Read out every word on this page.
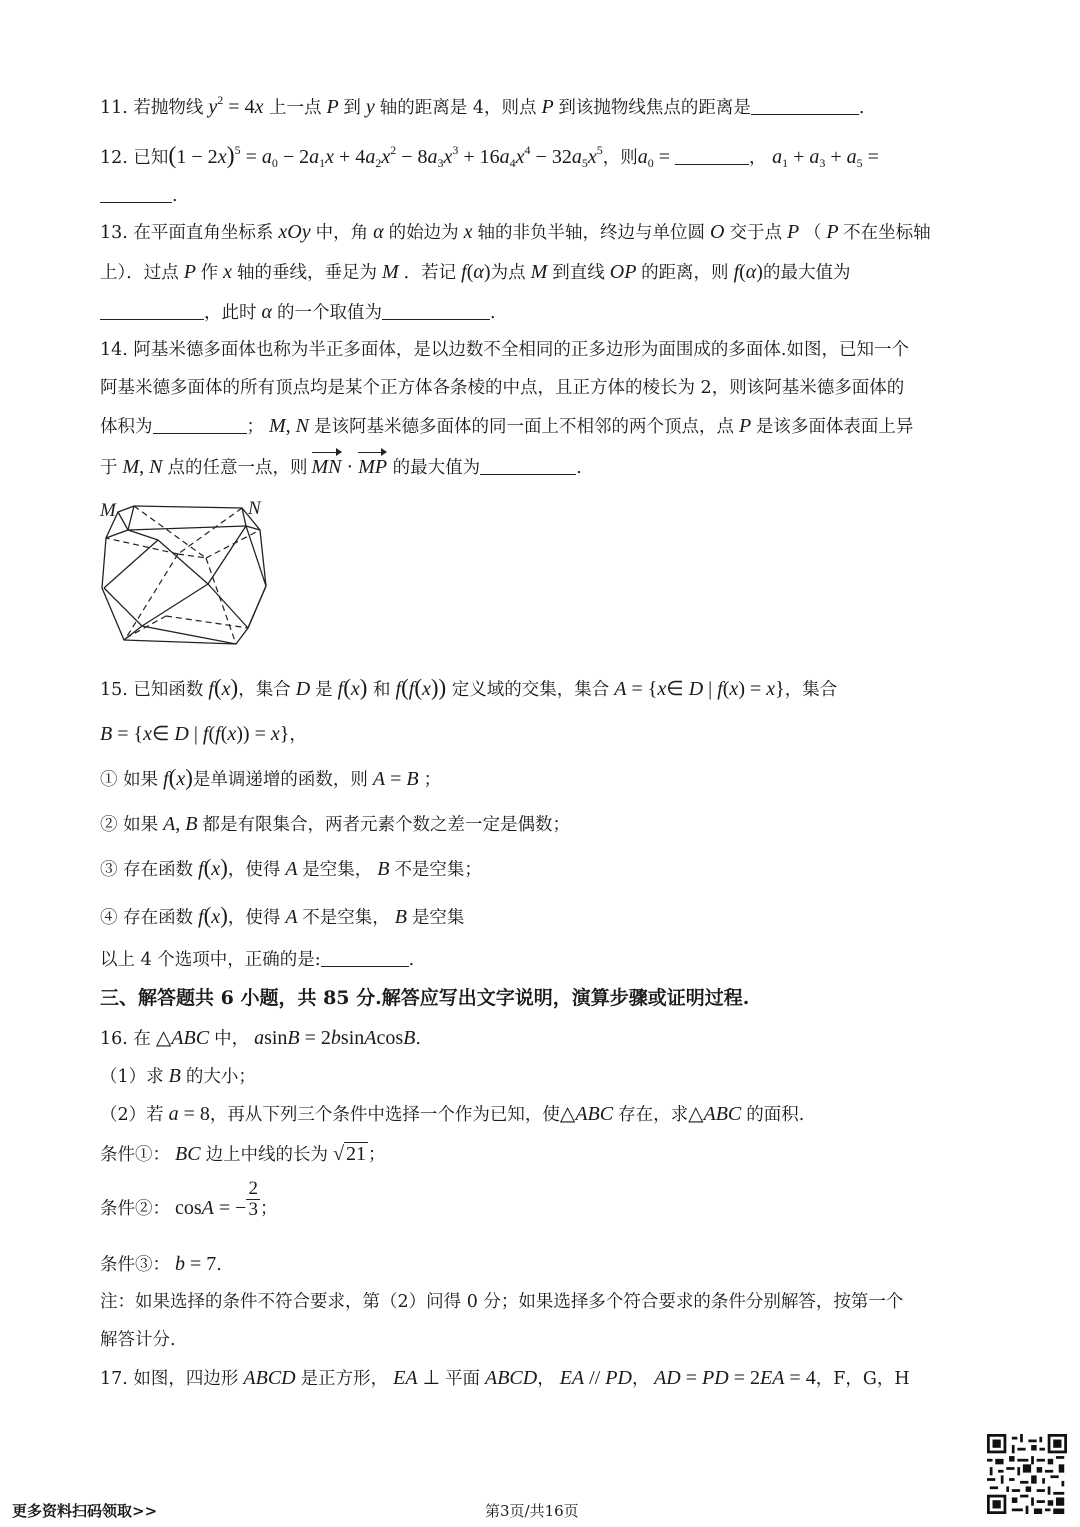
11. 若抛物线 $y^2 = 4x$ 上一点 P 到 y 轴的距离是 4，则点 P 到该抛物线焦点的距离是	.
12. 已知$(1 - 2x)^5 = a_0 - 2a_1x + 4a_2x^2 - 8a_3x^3 + 16a_4x^4 - 32a_5x^5$，则$a_0$ =	， $a_1 + a_3 + a_5$ =
.
13. 在平面直角坐标系 xOy 中，角 α 的始边为 x 轴的非负半轴，终边与单位圆 O 交于点 P （ P 不在坐标轴
上）．过点 P 作 x 轴的垂线，垂足为 M ．若记 f(α)为点 M 到直线 OP 的距离，则 f(α)的最大值为
，此时 α 的一个取值为	.
14. 阿基米德多面体也称为半正多面体，是以边数不全相同的正多边形为面围成的多面体.如图，已知一个
阿基米德多面体的所有顶点均是某个正方体各条棱的中点，且正方体的棱长为 2，则该阿基米德多面体的
体积为	； M, N 是该阿基米德多面体的同一面上不相邻的两个顶点，点 P 是该多面体表面上异
于 M, N 点的任意一点，则 MN · MP 的最大值为	.
M	N
15. 已知函数 f(x)，集合 D 是 f(x) 和 f(f(x)) 定义域的交集，集合 A = {x∈ D | f(x) = x}，集合
B = {x∈ D | f(f(x)) = x}，
① 如果 f(x)是单调递增的函数，则 A = B ；
② 如果 A, B 都是有限集合，两者元素个数之差一定是偶数；
③ 存在函数 f(x)，使得 A 是空集， B 不是空集；
④ 存在函数 f(x)，使得 A 不是空集， B 是空集
以上 4 个选项中，正确的是:	.
三、解答题共 6 小题，共 85 分.解答应写出文字说明，演算步骤或证明过程.
16. 在 △ABC 中， asinB = 2bsinAcosB.
（1）求 B 的大小；
（2）若 a = 8，再从下列三个条件中选择一个作为已知，使△ABC 存在，求△ABC 的面积.
条件①： BC 边上中线的长为 √ 21 ；
条件②： cosA = − $\frac{2}{3}$ ；
条件③： b = 7.
注：如果选择的条件不符合要求，第（2）问得 0 分；如果选择多个符合要求的条件分别解答，按第一个
解答计分.
17. 如图，四边形 ABCD 是正方形， EA ⊥ 平面 ABCD， EA // PD， AD = PD = 2EA = 4，F，G，H
更多资料扫码领取>>	第3页/共16页
